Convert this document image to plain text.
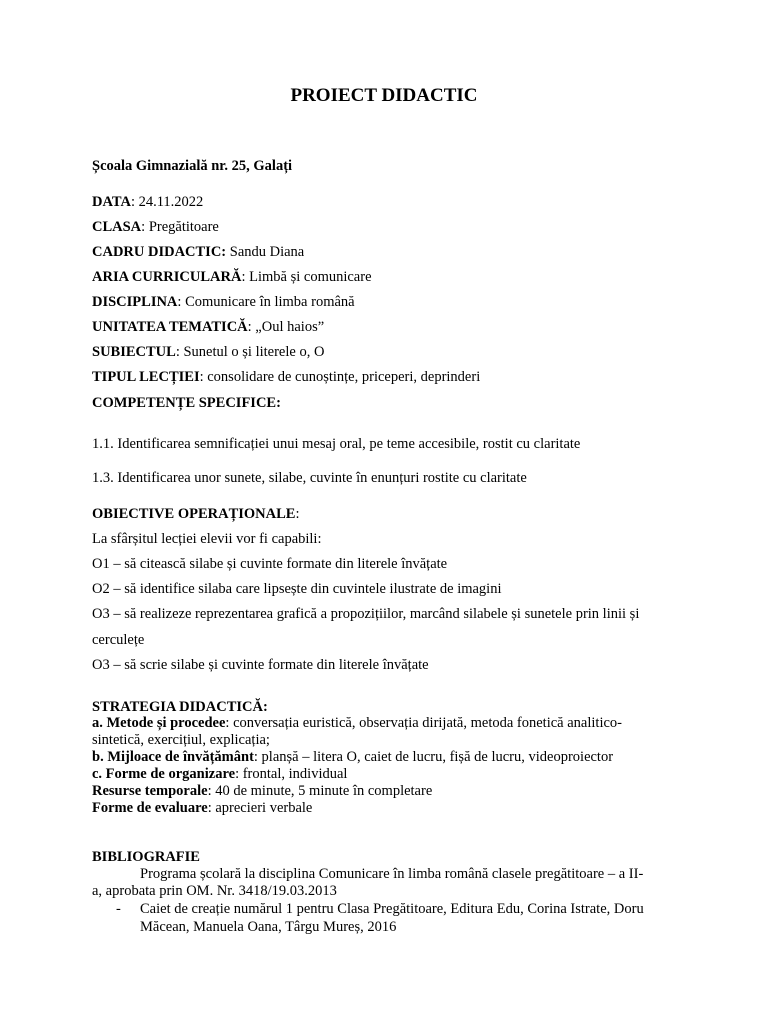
PROIECT DIDACTIC
Școala Gimnazială nr. 25, Galați
DATA: 24.11.2022
CLASA: Pregătitoare
CADRU DIDACTIC: Sandu Diana
ARIA CURRICULARĂ: Limbă și comunicare
DISCIPLINA: Comunicare în limba română
UNITATEA TEMATICĂ: „Oul haios”
SUBIECTUL: Sunetul o și literele o, O
TIPUL LECȚIEI: consolidare de cunoștințe, priceperi, deprinderi
COMPETENȚE SPECIFICE:
1.1. Identificarea semnificației unui mesaj oral, pe teme accesibile, rostit cu claritate
1.3. Identificarea unor sunete, silabe, cuvinte în enunțuri rostite cu claritate
OBIECTIVE OPERAȚIONALE:
La sfârșitul lecției elevii vor fi capabili:
O1 – să citească silabe și cuvinte formate din literele învățate
O2 – să identifice silaba care lipsește din cuvintele ilustrate de imagini
O3 – să realizeze reprezentarea grafică a propozițiilor, marcând silabele și sunetele prin linii și
cerculețe
O3 – să scrie silabe și cuvinte formate din literele învățate
STRATEGIA DIDACTICĂ:
a. Metode și procedee: conversația euristică, observația dirijată, metoda fonetică analitico-
sintetică, exercițiul, explicația;
b. Mijloace de învățământ: planșă – litera O, caiet de lucru, fișă de lucru, videoproiector
c. Forme de organizare: frontal, individual
Resurse temporale: 40 de minute, 5 minute în completare
Forme de evaluare: aprecieri verbale
BIBLIOGRAFIE
Programa școlară la disciplina Comunicare în limba română clasele pregătitoare – a II-
a, aprobata prin OM. Nr. 3418/19.03.2013
- Caiet de creație numărul 1 pentru Clasa Pregătitoare, Editura Edu, Corina Istrate, Doru
Măcean, Manuela Oana, Târgu Mureș, 2016
